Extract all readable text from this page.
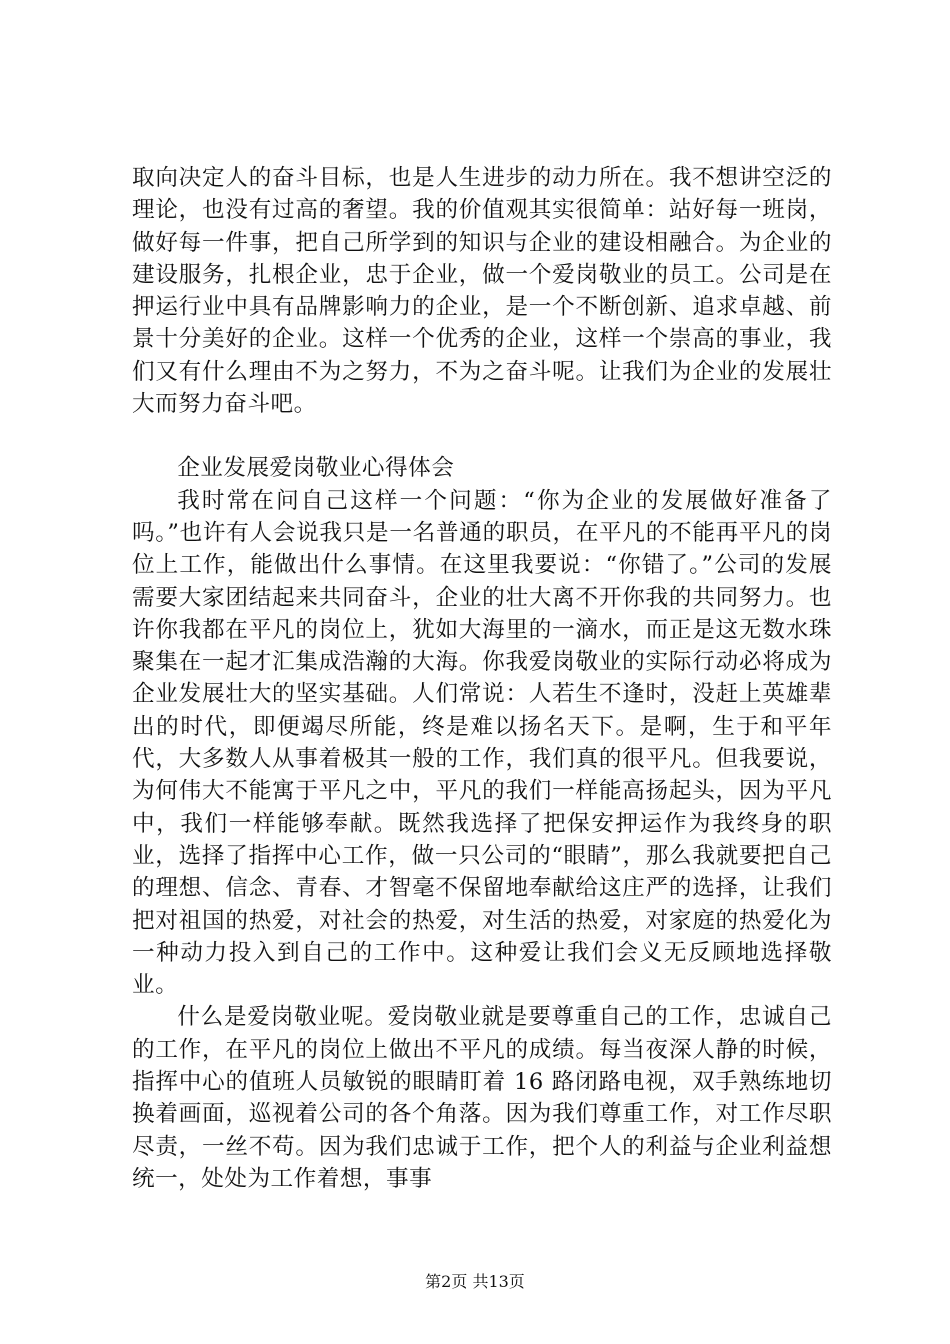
取向决定人的奋斗目标，也是人生进步的动力所在。我不想讲空泛的理论，也没有过高的奢望。我的价值观其实很简单：站好每一班岗，做好每一件事，把自己所学到的知识与企业的建设相融合。为企业的建设服务，扎根企业，忠于企业，做一个爱岗敬业的员工。公司是在押运行业中具有品牌影响力的企业，是一个不断创新、追求卓越、前景十分美好的企业。这样一个优秀的企业，这样一个崇高的事业，我们又有什么理由不为之努力，不为之奋斗呢。让我们为企业的发展壮大而努力奋斗吧。

企业发展爱岗敬业心得体会

我时常在问自己这样一个问题：“你为企业的发展做好准备了吗。”也许有人会说我只是一名普通的职员，在平凡的不能再平凡的岗位上工作，能做出什么事情。在这里我要说：“你错了。”公司的发展需要大家团结起来共同奋斗，企业的壮大离不开你我的共同努力。也许你我都在平凡的岗位上，犹如大海里的一滴水，而正是这无数水珠聚集在一起才汇集成浩瀚的大海。你我爱岗敬业的实际行动必将成为企业发展壮大的坚实基础。人们常说：人若生不逢时，没赶上英雄辈出的时代，即便竭尽所能，终是难以扬名天下。是啊，生于和平年代，大多数人从事着极其一般的工作，我们真的很平凡。但我要说，为何伟大不能寓于平凡之中，平凡的我们一样能高扬起头，因为平凡中，我们一样能够奉献。既然我选择了把保安押运作为我终身的职业，选择了指挥中心工作，做一只公司的“眼睛”，那么我就要把自己的理想、信念、青春、才智毫不保留地奉献给这庄严的选择，让我们把对祖国的热爱，对社会的热爱，对生活的热爱，对家庭的热爱化为一种动力投入到自己的工作中。这种爱让我们会义无反顾地选择敬业。

什么是爱岗敬业呢。爱岗敬业就是要尊重自己的工作，忠诚自己的工作，在平凡的岗位上做出不平凡的成绩。每当夜深人静的时候，指挥中心的值班人员敏锐的眼睛盯着 16 路闭路电视，双手熟练地切换着画面，巡视着公司的各个角落。因为我们尊重工作，对工作尽职尽责，一丝不苟。因为我们忠诚于工作，把个人的利益与企业利益想统一，处处为工作着想，事事

第2页 共13页
